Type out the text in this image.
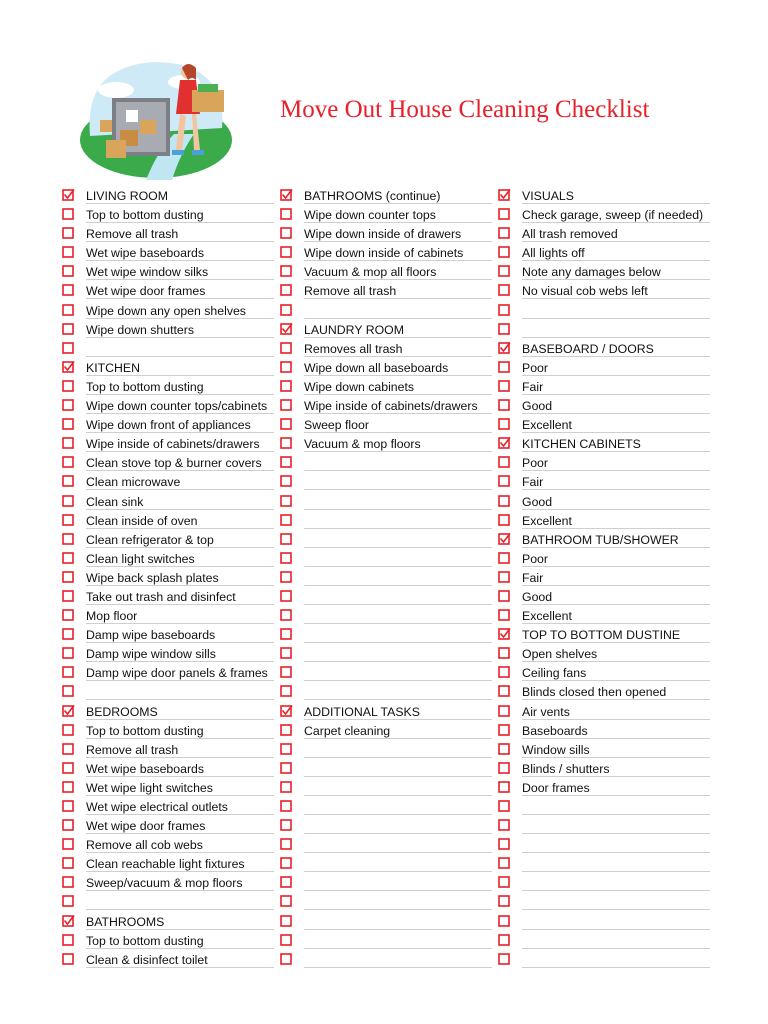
Move Out House Cleaning Checklist
LIVING ROOM
Top to bottom dusting
Remove all trash
Wet wipe baseboards
Wet wipe window silks
Wet wipe door frames
Wipe down any open shelves
Wipe down shutters
KITCHEN
Top to bottom dusting
Wipe down counter tops/cabinets
Wipe down front of appliances
Wipe inside of cabinets/drawers
Clean stove top & burner covers
Clean microwave
Clean sink
Clean inside of oven
Clean refrigerator & top
Clean light switches
Wipe back splash plates
Take out trash and disinfect
Mop floor
Damp wipe baseboards
Damp wipe window sills
Damp wipe door panels & frames
BEDROOMS
Top to bottom dusting
Remove all trash
Wet wipe baseboards
Wet wipe light switches
Wet wipe electrical outlets
Wet wipe door frames
Remove all cob webs
Clean reachable light fixtures
Sweep/vacuum & mop floors
BATHROOMS
Top to bottom dusting
Clean & disinfect toilet
BATHROOMS (continue)
Wipe down counter tops
Wipe down inside of drawers
Wipe down inside of cabinets
Vacuum & mop all floors
Remove all trash
LAUNDRY ROOM
Removes all trash
Wipe down all baseboards
Wipe down cabinets
Wipe inside of cabinets/drawers
Sweep floor
Vacuum & mop floors
ADDITIONAL TASKS
Carpet cleaning
VISUALS
Check garage, sweep (if needed)
All trash removed
All lights off
Note any damages below
No visual cob webs left
BASEBOARD / DOORS
Poor
Fair
Good
Excellent
KITCHEN CABINETS
Poor
Fair
Good
Excellent
BATHROOM TUB/SHOWER
Poor
Fair
Good
Excellent
TOP TO BOTTOM DUSTINE
Open shelves
Ceiling fans
Blinds closed then opened
Air vents
Baseboards
Window sills
Blinds / shutters
Door frames
